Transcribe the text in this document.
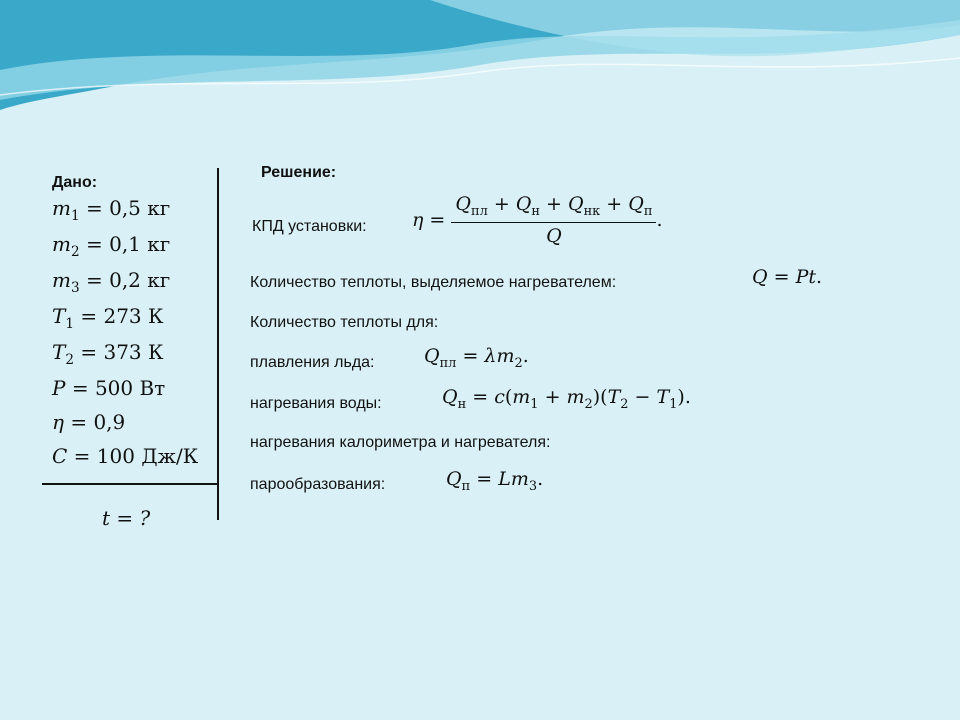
Дано:
$m_1 = 0,5$ кг
$m_2 = 0,1$ кг
$m_3 = 0,2$ кг
$T_1 = 273$ К
$T_2 = 373$ К
P = 500 Вт
η = 0,9
C = 100 Дж/К
t = ?
Решение:
КПД установки: $\eta = \frac{Q_{пл} + Q_н + Q_{нк} + Q_п}{Q}$ .
Количество теплоты, выделяемое нагревателем:	Q = Pt.
Количество теплоты для:
плавления льда:	$Q_{пл} = \lambda m_2$.
нагревания воды:	$Q_н = c(m_1 + m_2)(T_2 - T_1)$.
нагревания калориметра и нагревателя:
парообразования:	$Q_п = Lm_3$.
